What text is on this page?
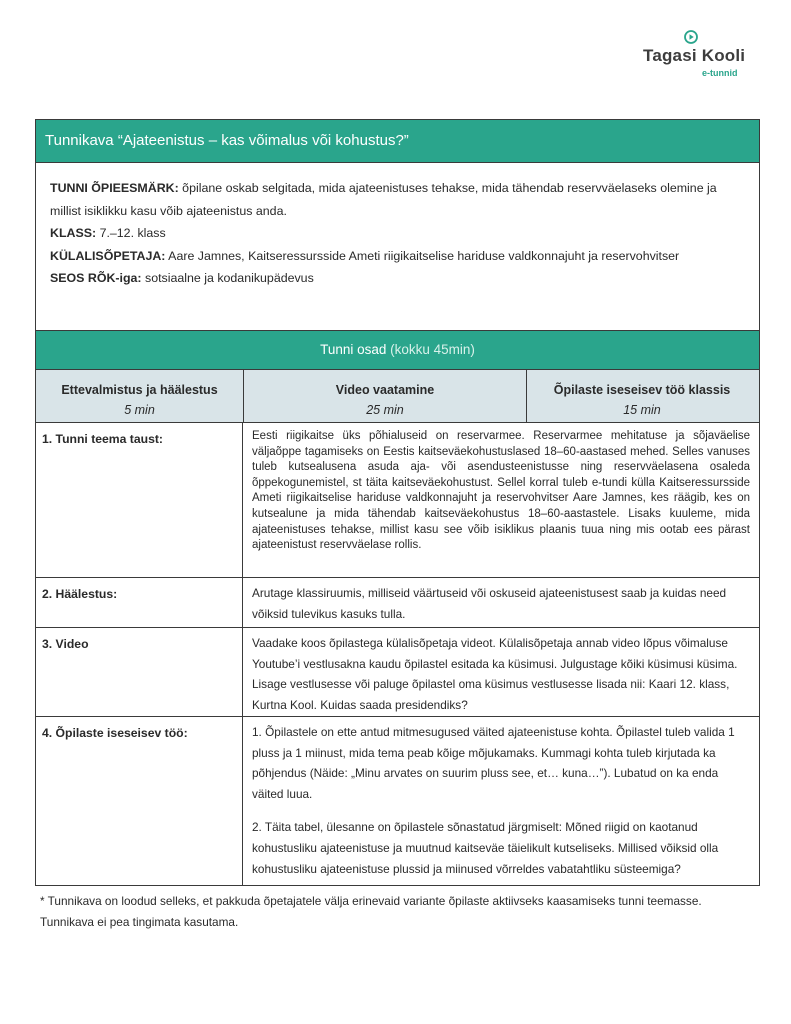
Tagasi Kooli
e-tunnid
Tunnikava “Ajateenistus – kas võimalus või kohustus?”
TUNNI ÕPIEESMÄRK: õpilane oskab selgitada, mida ajateenistuses tehakse, mida tähendab reservväelaseks olemine ja millist isiklikku kasu võib ajateenistus anda.
KLASS: 7.–12. klass
KÜLALISÕPETAJA: Aare Jamnes, Kaitseressursside Ameti riigikaitselise hariduse valdkonnajuht ja reservohvitser
SEOS RÕK-iga: sotsiaalne ja kodanikupädevus
Tunni osad (kokku 45min)
Ettevalmistus ja häälestus
5 min
Video vaatamine
25 min
Õpilaste iseseisev töö klassis
15 min
1. Tunni teema taust:	Eesti riigikaitse üks põhialuseid on reservarmee. Reservarmee mehitatuse ja sõjaväelise väljaõppe tagamiseks on Eestis kaitseväekohustuslased 18–60-aastased mehed. Selles vanuses tuleb kutsealusena asuda aja- või asendusteenistusse ning reservväelasena osaleda õppekogunemistel, st täita kaitseväekohustust. Sellel korral tuleb e-tundi külla Kaitseressursside Ameti riigikaitselise hariduse valdkonnajuht ja reservohvitser Aare Jamnes, kes räägib, kes on kutsealune ja mida tähendab kaitseväekohustus 18–60-aastastele. Lisaks kuuleme, mida ajateenistuses tehakse, millist kasu see võib isiklikus plaanis tuua ning mis ootab ees pärast ajateenistust reservväelase rollis.

2. Häälestus:	Arutage klassiruumis, milliseid väärtuseid või oskuseid ajateenistusest saab ja kuidas need võiksid tulevikus kasuks tulla.

3. Video	Vaadake koos õpilastega külalisõpetaja videot. Külalisõpetaja annab video lõpus võimaluse Youtube’i vestlusakna kaudu õpilastel esitada ka küsimusi. Julgustage kõiki küsimusi küsima. Lisage vestlusesse või paluge õpilastel oma küsimus vestlusesse lisada nii: Kaari 12. klass, Kurtna Kool. Kuidas saada presidendiks?

4. Õpilaste iseseisev töö:	1. Õpilastele on ette antud mitmesugused väited ajateenistuse kohta. Õpilastel tuleb valida 1 pluss ja 1 miinust, mida tema peab kõige mõjukamaks. Kummagi kohta tuleb kirjutada ka põhjendus (Näide: „Minu arvates on suurim pluss see, et… kuna…”). Lubatud on ka enda väited luua.

2. Täita tabel, ülesanne on õpilastele sõnastatud järgmiselt: Mõned riigid on kaotanud kohustusliku ajateenistuse ja muutnud kaitseväe täielikult kutseliseks. Millised võiksid olla kohustusliku ajateenistuse plussid ja miinused võrreldes vabatahtliku süsteemiga?

* Tunnikava on loodud selleks, et pakkuda õpetajatele välja erinevaid variante õpilaste aktiivseks kaasamiseks tunni teemasse. Tunnikava ei pea tingimata kasutama.
